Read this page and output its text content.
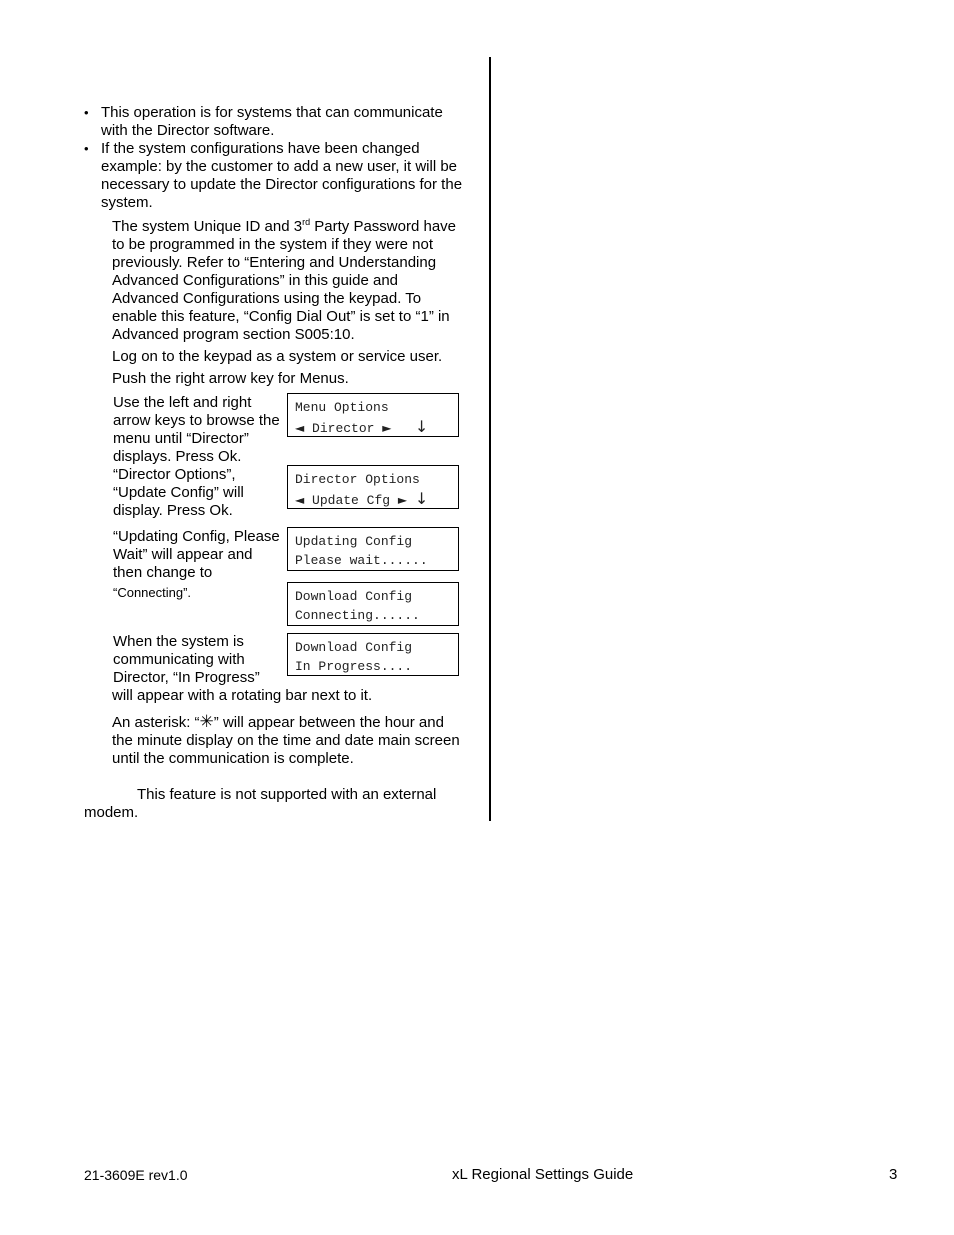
• This operation is for systems that can communicate with the Director software.
• If the system configurations have been changed example: by the customer to add a new user, it will be necessary to update the Director configurations for the system.

The system Unique ID and 3rd Party Password have to be programmed in the system if they were not previously. Refer to “Entering and Understanding Advanced Configurations” in this guide and Advanced Configurations using the keypad. To enable this feature, “Config Dial Out” is set to “1” in Advanced program section S005:10.

Log on to the keypad as a system or service user.

Push the right arrow key for Menus.

Use the left and right arrow keys to browse the menu until “Director” displays. Press Ok.

“Director Options”, “Update Config” will display. Press Ok.

“Updating Config, Please Wait” will appear and then change to

“Connecting”.

When the system is communicating with Director, “In Progress”

Menu Options
◄ Director ► ↓
Director Options
◄ Update Cfg ► ↓
Updating Config
Please wait......
Download Config
Connecting......
Download Config
In Progress....

will appear with a rotating bar next to it.

An asterisk: “✳” will appear between the hour and the minute display on the time and date main screen until the communication is complete.

This feature is not supported with an external modem.

21-3609E rev1.0	xL Regional Settings Guide	3
